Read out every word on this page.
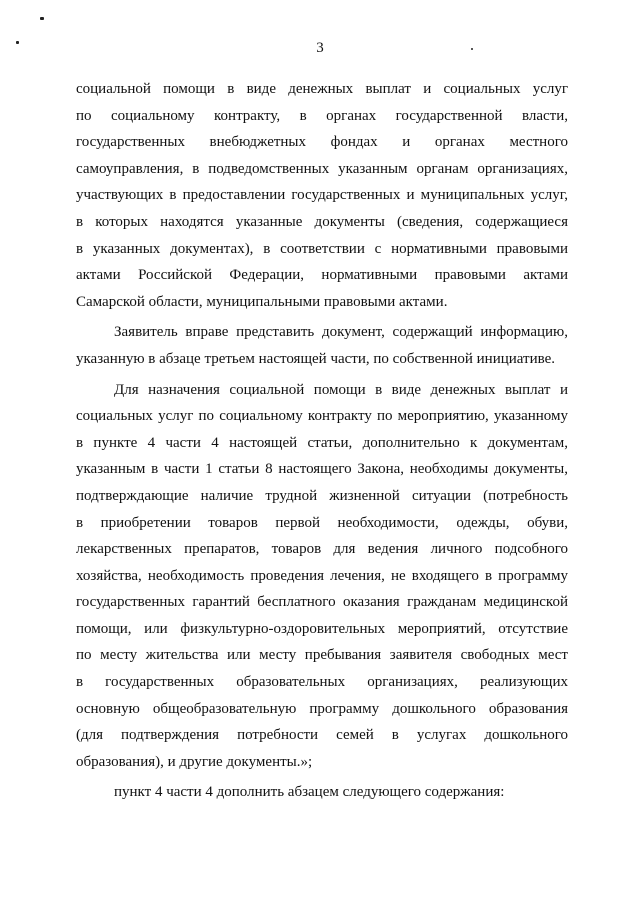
3
социальной помощи в виде денежных выплат и социальных услуг
по социальному контракту, в органах государственной власти,
государственных внебюджетных фондах и органах местного
самоуправления, в подведомственных указанным органам организациях,
участвующих в предоставлении государственных и муниципальных услуг,
в которых находятся указанные документы (сведения, содержащиеся
в указанных документах), в соответствии с нормативными правовыми
актами Российской Федерации, нормативными правовыми актами
Самарской области, муниципальными правовыми актами.
Заявитель вправе представить документ, содержащий информацию,
указанную в абзаце третьем настоящей части, по собственной инициативе.
Для назначения социальной помощи в виде денежных выплат и
социальных услуг по социальному контракту по мероприятию, указанному
в пункте 4 части 4 настоящей статьи, дополнительно к документам,
указанным в части 1 статьи 8 настоящего Закона, необходимы документы,
подтверждающие наличие трудной жизненной ситуации (потребность
в приобретении товаров первой необходимости, одежды, обуви,
лекарственных препаратов, товаров для ведения личного подсобного
хозяйства, необходимость проведения лечения, не входящего в программу
государственных гарантий бесплатного оказания гражданам медицинской
помощи, или физкультурно-оздоровительных мероприятий, отсутствие
по месту жительства или месту пребывания заявителя свободных мест
в государственных образовательных организациях, реализующих
основную общеобразовательную программу дошкольного образования
(для подтверждения потребности семей в услугах дошкольного
образования), и другие документы.»;
пункт 4 части 4 дополнить абзацем следующего содержания:
